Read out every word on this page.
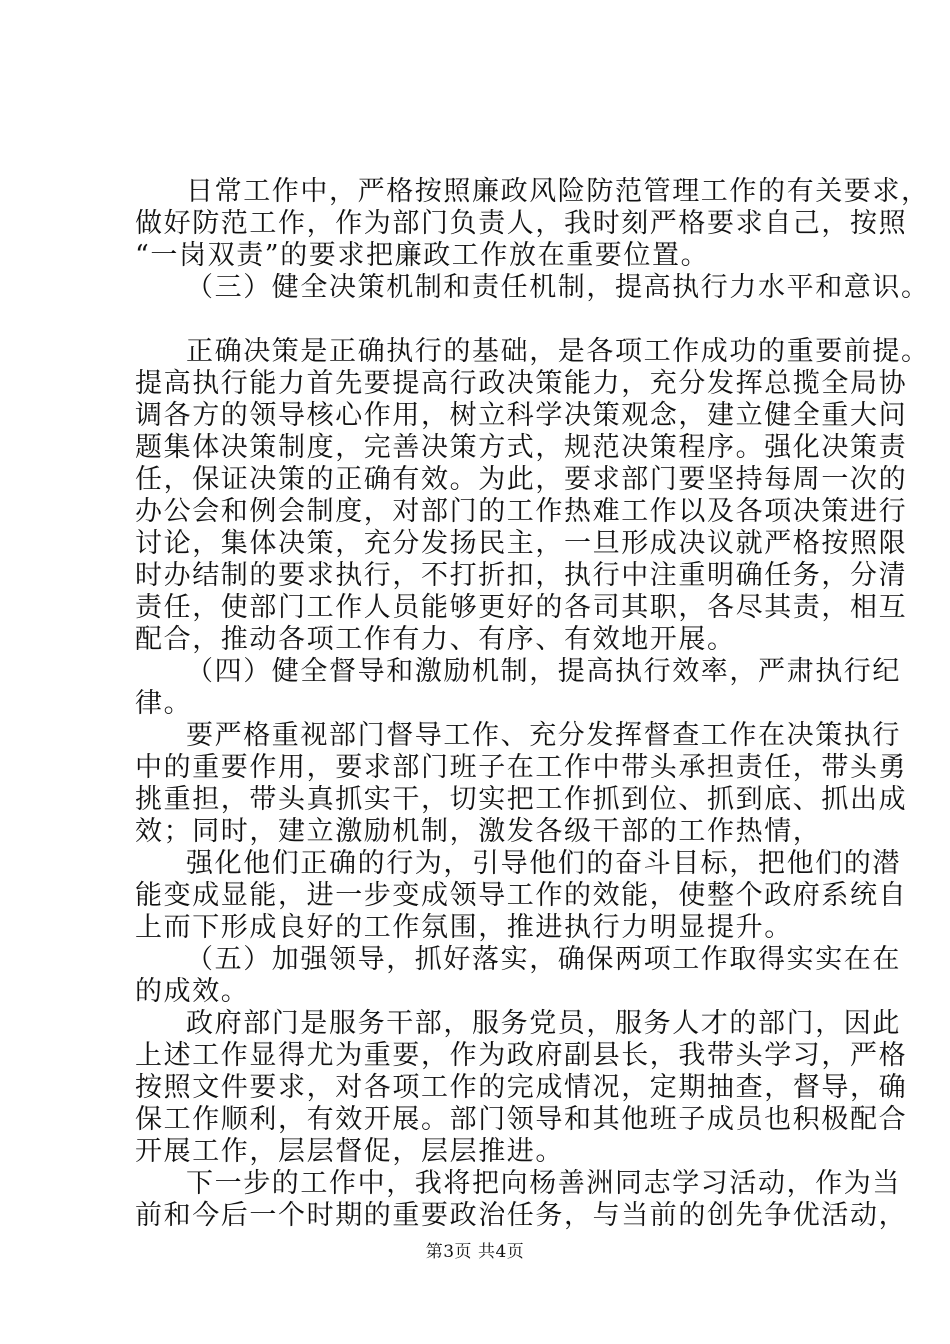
日常工作中，严格按照廉政风险防范管理工作的有关要求，
做好防范工作，作为部门负责人，我时刻严格要求自己，按照
“一岗双责”的要求把廉政工作放在重要位置。
（三）健全决策机制和责任机制，提高执行力水平和意识。
正确决策是正确执行的基础，是各项工作成功的重要前提。
提高执行能力首先要提高行政决策能力，充分发挥总揽全局协
调各方的领导核心作用，树立科学决策观念，建立健全重大问
题集体决策制度，完善决策方式，规范决策程序。强化决策责
任，保证决策的正确有效。为此，要求部门要坚持每周一次的
办公会和例会制度，对部门的工作热难工作以及各项决策进行
讨论，集体决策，充分发扬民主，一旦形成决议就严格按照限
时办结制的要求执行，不打折扣，执行中注重明确任务，分清
责任，使部门工作人员能够更好的各司其职，各尽其责，相互
配合，推动各项工作有力、有序、有效地开展。
（四）健全督导和激励机制，提高执行效率，严肃执行纪
律。
要严格重视部门督导工作、充分发挥督查工作在决策执行
中的重要作用，要求部门班子在工作中带头承担责任，带头勇
挑重担，带头真抓实干，切实把工作抓到位、抓到底、抓出成
效；同时，建立激励机制，激发各级干部的工作热情，
强化他们正确的行为，引导他们的奋斗目标，把他们的潜
能变成显能，进一步变成领导工作的效能，使整个政府系统自
上而下形成良好的工作氛围，推进执行力明显提升。
（五）加强领导，抓好落实，确保两项工作取得实实在在
的成效。
政府部门是服务干部，服务党员，服务人才的部门，因此
上述工作显得尤为重要，作为政府副县长，我带头学习，严格
按照文件要求，对各项工作的完成情况，定期抽查，督导，确
保工作顺利，有效开展。部门领导和其他班子成员也积极配合
开展工作，层层督促，层层推进。
下一步的工作中，我将把向杨善洲同志学习活动，作为当
前和今后一个时期的重要政治任务，与当前的创先争优活动，
第3页 共4页
